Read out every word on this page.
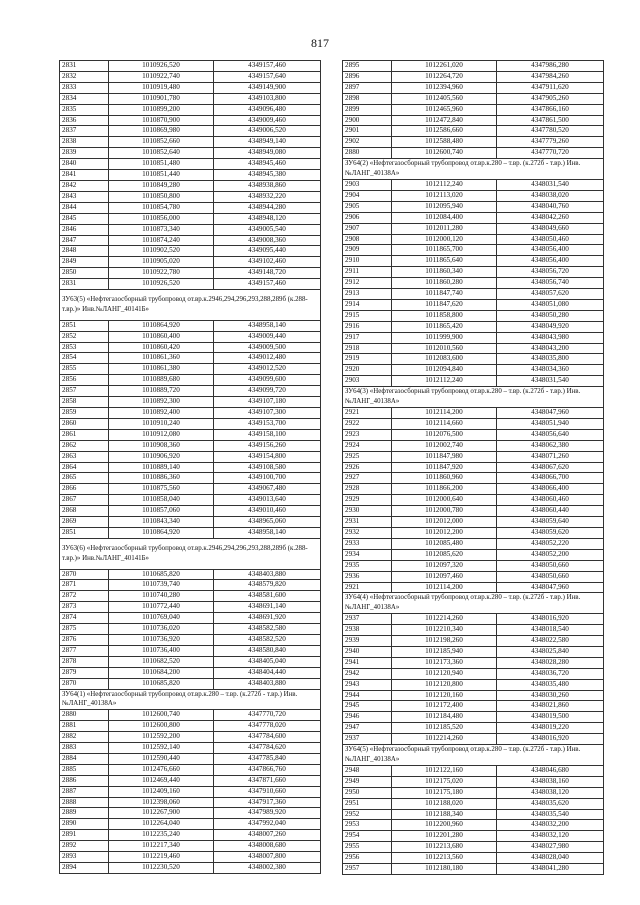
817
2831	1010926,520	4349157,460
2832	1010922,740	4349157,640
2833	1010919,480	4349149,900
2834	1010901,780	4349103,800
2835	1010899,200	4349096,480
2836	1010870,900	4349009,460
2837	1010869,980	4349006,520
2838	1010852,660	4348949,140
2839	1010852,640	4348949,080
2840	1010851,480	4348945,460
2841	1010851,440	4348945,380
2842	1010849,280	4348938,860
2843	1010850,800	4348932,220
2844	1010854,780	4348944,280
2845	1010856,000	4348948,120
2846	1010873,340	4349005,540
2847	1010874,240	4349008,360
2848	1010902,520	4349095,440
2849	1010905,020	4349102,460
2850	1010922,780	4349148,720
2831	1010926,520	4349157,460
ЗУ63(5) «Нефтегазосборный трубопровод от.вр.к.2946,294,296,293,288,289б (к.288-т.вр.)» Инв.№ЛАНГ_40141Б»		
2851	1010864,920	4348958,140
2852	1010860,400	4349009,440
2853	1010860,420	4349009,500
2854	1010861,360	4349012,480
2855	1010861,380	4349012,520
2856	1010889,680	4349099,600
2857	1010889,720	4349099,720
2858	1010892,300	4349107,180
2859	1010892,400	4349107,300
2860	1010910,240	4349153,700
2861	1010912,080	4349158,100
2862	1010908,360	4349156,260
2863	1010906,920	4349154,800
2864	1010889,140	4349108,580
2865	1010886,360	4349100,700
2866	1010875,560	4349067,480
2867	1010858,040	4349013,640
2868	1010857,060	4349010,460
2869	1010843,340	4348965,060
2851	1010864,920	4348958,140
ЗУ63(6) «Нефтегазосборный трубопровод от.вр.к.2946,294,296,293,288,289б (к.288-т.вр.)» Инв.№ЛАНГ_40141Б»		
2870	1010685,820	4348403,880
2871	1010739,740	4348579,820
2872	1010740,280	4348581,600
2873	1010772,440	4348691,140
2874	1010769,040	4348691,920
2875	1010736,020	4348582,580
2876	1010736,920	4348582,520
2877	1010736,400	4348580,840
2878	1010682,520	4348405,040
2879	1010684,200	4348404,440
2870	1010685,820	4348403,880
ЗУ64(1) «Нефтегазосборный трубопровод от.вр.к.280 – т.вр. (к.272б - т.вр.) Инв. №ЛАНГ_40138А»		
2880	1012600,740	4347770,720
2881	1012600,800	4347778,020
2882	1012592,200	4347784,600
2883	1012592,140	4347784,620
2884	1012590,440	4347785,840
2885	1012476,660	4347866,760
2886	1012469,440	4347871,660
2887	1012409,160	4347910,660
2888	1012398,060	4347917,360
2889	1012267,900	4347989,920
2890	1012264,040	4347992,040
2891	1012235,240	4348007,260
2892	1012217,340	4348008,680
2893	1012219,460	4348007,800
2894	1012230,520	4348002,380
2895	1012261,020	4347986,280
2896	1012264,720	4347984,260
2897	1012394,960	4347911,620
2898	1012405,560	4347905,260
2899	1012465,960	4347866,160
2900	1012472,840	4347861,500
2901	1012586,660	4347780,520
2902	1012588,480	4347779,260
2880	1012600,740	4347770,720
ЗУ64(2) «Нефтегазосборный трубопровод от.вр.к.280 – т.вр. (к.272б - т.вр.) Инв. №ЛАНГ_40138А»		
2903	1012112,240	4348031,540
2904	1012113,020	4348038,020
2905	1012095,940	4348040,760
2906	1012084,400	4348042,260
2907	1012011,280	4348049,660
2908	1012000,120	4348050,460
2909	1011865,700	4348056,400
2910	1011865,640	4348056,400
2911	1011860,340	4348056,720
2912	1011860,280	4348056,740
2913	1011847,740	4348057,620
2914	1011847,620	4348051,080
2915	1011858,800	4348050,280
2916	1011865,420	4348049,920
2917	1011999,900	4348043,980
2918	1012010,560	4348043,200
2919	1012083,600	4348035,800
2920	1012094,840	4348034,360
2903	1012112,240	4348031,540
ЗУ64(3) «Нефтегазосборный трубопровод от.вр.к.280 – т.вр. (к.272б - т.вр.) Инв. №ЛАНГ_40138А»		
2921	1012114,200	4348047,960
2922	1012114,660	4348051,940
2923	1012076,500	4348056,640
2924	1012002,740	4348062,380
2925	1011847,980	4348071,260
2926	1011847,920	4348067,620
2927	1011860,960	4348066,700
2928	1011866,200	4348066,400
2929	1012000,640	4348060,460
2930	1012000,780	4348060,440
2931	1012012,000	4348059,640
2932	1012012,200	4348059,620
2933	1012085,480	4348052,220
2934	1012085,620	4348052,200
2935	1012097,320	4348050,660
2936	1012097,460	4348050,660
2921	1012114,200	4348047,960
ЗУ64(4) «Нефтегазосборный трубопровод от.вр.к.280 – т.вр. (к.272б - т.вр.) Инв. №ЛАНГ_40138А»		
2937	1012214,260	4348016,920
2938	1012210,340	4348018,540
2939	1012198,260	4348022,580
2940	1012185,940	4348025,840
2941	1012173,360	4348028,280
2942	1012120,940	4348036,720
2943	1012120,800	4348035,480
2944	1012120,160	4348030,260
2945	1012172,400	4348021,860
2946	1012184,480	4348019,500
2947	1012185,520	4348019,220
2937	1012214,260	4348016,920
ЗУ64(5) «Нефтегазосборный трубопровод от.вр.к.280 – т.вр. (к.272б - т.вр.) Инв. №ЛАНГ_40138А»		
2948	1012122,160	4348046,680
2949	1012175,020	4348038,160
2950	1012175,180	4348038,120
2951	1012188,020	4348035,620
2952	1012188,340	4348035,540
2953	1012200,960	4348032,200
2954	1012201,280	4348032,120
2955	1012213,680	4348027,980
2956	1012213,560	4348028,040
2957	1012180,180	4348041,280
